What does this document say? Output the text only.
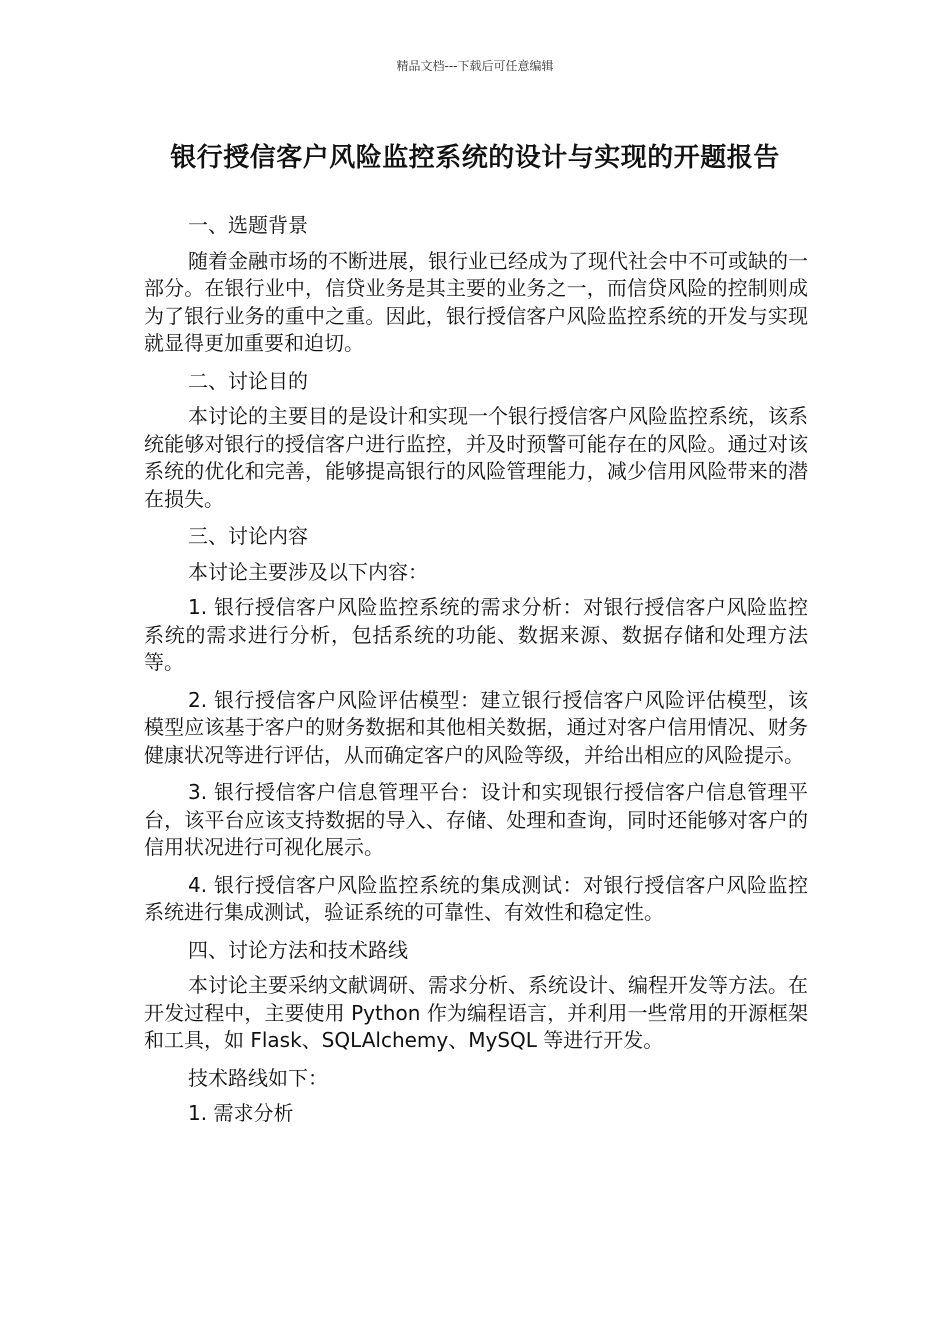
精品文档---下载后可任意编辑
银行授信客户风险监控系统的设计与实现的开题报告

一、选题背景

随着金融市场的不断进展，银行业已经成为了现代社会中不可或缺的一部分。在银行业中，信贷业务是其主要的业务之一，而信贷风险的控制则成为了银行业务的重中之重。因此，银行授信客户风险监控系统的开发与实现就显得更加重要和迫切。

二、讨论目的

本讨论的主要目的是设计和实现一个银行授信客户风险监控系统，该系统能够对银行的授信客户进行监控，并及时预警可能存在的风险。通过对该系统的优化和完善，能够提高银行的风险管理能力，减少信用风险带来的潜在损失。

三、讨论内容

本讨论主要涉及以下内容：

1. 银行授信客户风险监控系统的需求分析：对银行授信客户风险监控系统的需求进行分析，包括系统的功能、数据来源、数据存储和处理方法等。

2. 银行授信客户风险评估模型：建立银行授信客户风险评估模型，该模型应该基于客户的财务数据和其他相关数据，通过对客户信用情况、财务健康状况等进行评估，从而确定客户的风险等级，并给出相应的风险提示。

3. 银行授信客户信息管理平台：设计和实现银行授信客户信息管理平台，该平台应该支持数据的导入、存储、处理和查询，同时还能够对客户的信用状况进行可视化展示。

4. 银行授信客户风险监控系统的集成测试：对银行授信客户风险监控系统进行集成测试，验证系统的可靠性、有效性和稳定性。

四、讨论方法和技术路线

本讨论主要采纳文献调研、需求分析、系统设计、编程开发等方法。在开发过程中，主要使用 Python 作为编程语言，并利用一些常用的开源框架和工具，如 Flask、SQLAlchemy、MySQL 等进行开发。

技术路线如下：

1. 需求分析
